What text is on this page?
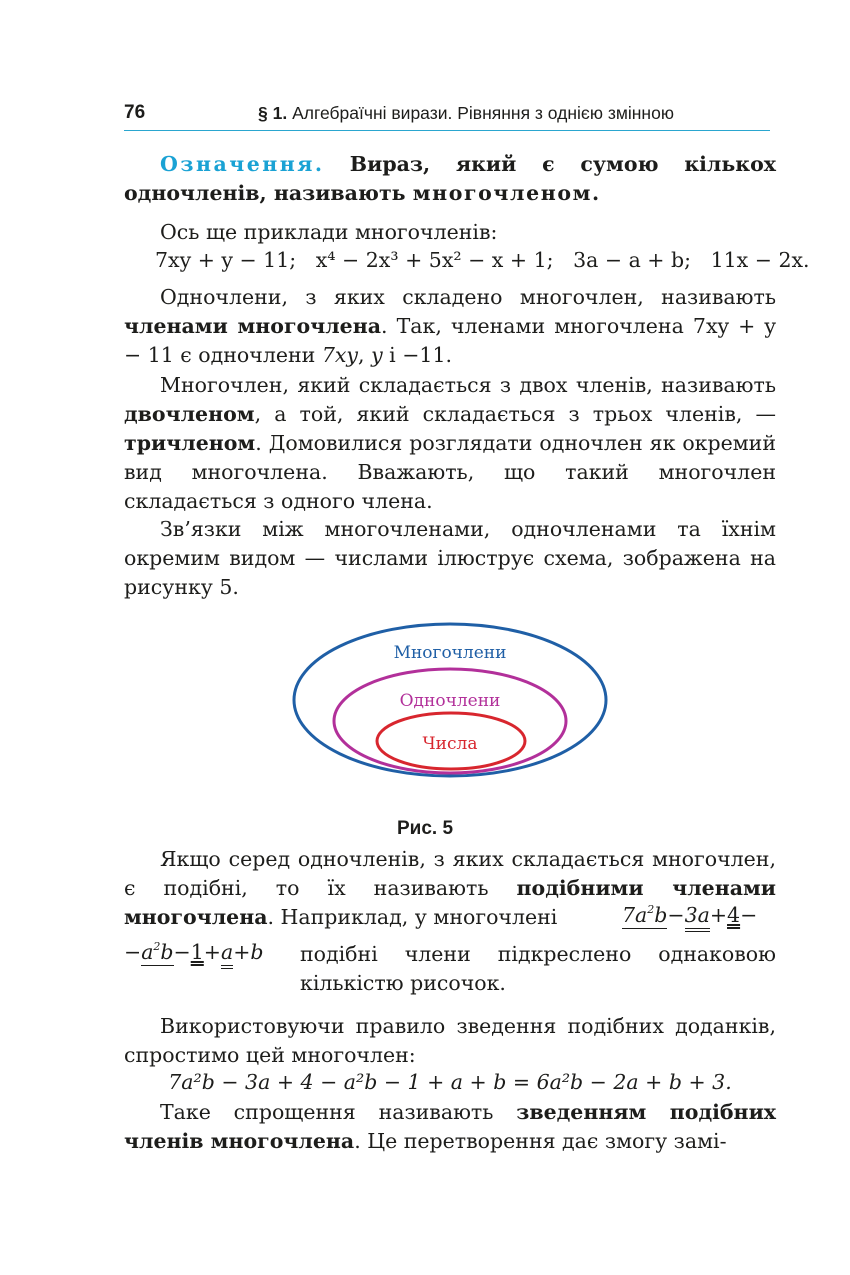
76	§ 1. Алгебраїчні вирази. Рівняння з однією змінною

Означення. Вираз, який є сумою кількох одночленів, називають многочленом.

Ось ще приклади многочленів:

7xy + y − 11; x⁴ − 2x³ + 5x² − x + 1; 3a − a + b; 11x − 2x.

Одночлени, з яких складено многочлен, називають членами многочлена. Так, членами многочлена 7xy + y − 11 є одночлени 7xy, y і −11.

Многочлен, який складається з двох членів, називають двочленом, а той, який складається з трьох членів, — тричленом. Домовилися розглядати одночлен як окремий вид многочлена. Вважають, що такий многочлен складається з одного члена.

Зв’язки між многочленами, одночленами та їхнім окремим видом — числами ілюструє схема, зображена на рисунку 5.

Многочлени
Одночлени
Числа
Рис. 5

Якщо серед одночленів, з яких складається многочлен, є подібні, то їх називають подібними членами многочлена. Наприклад, у многочлені	$7a^2b-3a+4-$
$-a^2b-1+a+b$ подібні члени підкреслено однаковою кількістю рисочок.

Використовуючи правило зведення подібних доданків, спростимо цей многочлен:

7a²b − 3a + 4 − a²b − 1 + a + b = 6a²b − 2a + b + 3.

Таке спрощення називають зведенням подібних членів многочлена. Це перетворення дає змогу замі-
